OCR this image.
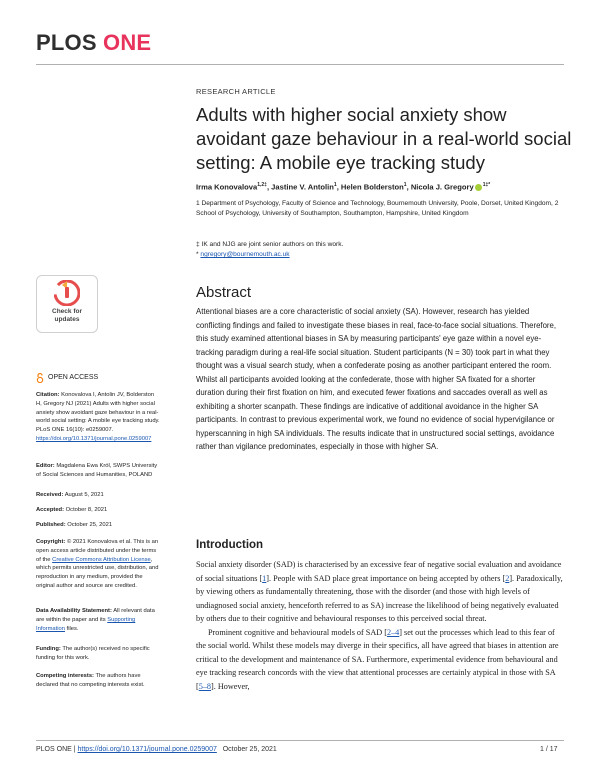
PLOS ONE
RESEARCH ARTICLE
Adults with higher social anxiety show avoidant gaze behaviour in a real-world social setting: A mobile eye tracking study
Irma Konovalova$^{1,2\ddagger}$, Jastine V. Antolin$^1$, Helen Bolderston$^1$, Nicola J. Gregory $^{1\ddagger*}$
1 Department of Psychology, Faculty of Science and Technology, Bournemouth University, Poole, Dorset, United Kingdom, 2 School of Psychology, University of Southampton, Southampton, Hampshire, United Kingdom
‡ IK and NJG are joint senior authors on this work.
* ngregory@bournemouth.ac.uk
Check for
updates
OPEN ACCESS
Citation: Konovalova I, Antolin JV, Bolderston H, Gregory NJ (2021) Adults with higher social anxiety show avoidant gaze behaviour in a real-world social setting: A mobile eye tracking study. PLoS ONE 16(10): e0259007. https://doi.org/10.1371/journal.pone.0259007
Editor: Magdalena Ewa Król, SWPS University of Social Sciences and Humanities, POLAND
Received: August 5, 2021
Accepted: October 8, 2021
Published: October 25, 2021
Copyright: © 2021 Konovalova et al. This is an open access article distributed under the terms of the Creative Commons Attribution License, which permits unrestricted use, distribution, and reproduction in any medium, provided the original author and source are credited.
Data Availability Statement: All relevant data are within the paper and its Supporting Information files.
Funding: The author(s) received no specific funding for this work.
Competing interests: The authors have declared that no competing interests exist.
Abstract
Attentional biases are a core characteristic of social anxiety (SA). However, research has yielded conflicting findings and failed to investigate these biases in real, face-to-face social situations. Therefore, this study examined attentional biases in SA by measuring participants' eye gaze within a novel eye-tracking paradigm during a real-life social situation. Student participants (N = 30) took part in what they thought was a visual search study, when a confederate posing as another participant entered the room. Whilst all participants avoided looking at the confederate, those with higher SA fixated for a shorter duration during their first fixation on him, and executed fewer fixations and saccades overall as well as exhibiting a shorter scanpath. These findings are indicative of additional avoidance in the higher SA participants. In contrast to previous experimental work, we found no evidence of social hypervigilance or hyperscanning in high SA individuals. The results indicate that in unstructured social settings, avoidance rather than vigilance predominates, especially in those with higher SA.
Introduction

Social anxiety disorder (SAD) is characterised by an excessive fear of negative social evaluation and avoidance of social situations [1]. People with SAD place great importance on being accepted by others [2]. Paradoxically, by viewing others as fundamentally threatening, those with the disorder (and those with high levels of undiagnosed social anxiety, henceforth referred to as SA) increase the likelihood of being negatively evaluated by others due to their cognitive and behavioural responses to this perceived social threat.

Prominent cognitive and behavioural models of SAD [2–4] set out the processes which lead to this fear of the social world. Whilst these models may diverge in their specifics, all have agreed that biases in attention are critical to the development and maintenance of SA. Furthermore, experimental evidence from behavioural and eye tracking research concords with the view that attentional processes are certainly atypical in those with SA [5–8]. However,

PLOS ONE | https://doi.org/10.1371/journal.pone.0259007 October 25, 2021	1 / 17
